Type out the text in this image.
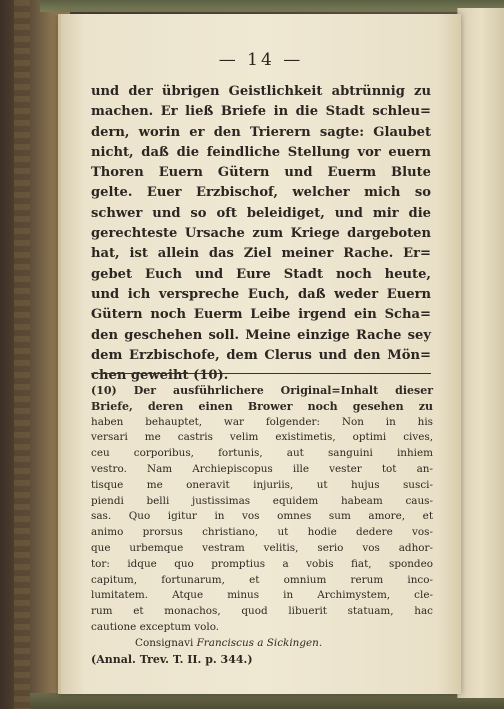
— 14 —
und der übrigen Geistlichkeit abtrünnig zu
machen. Er ließ Briefe in die Stadt schleu=
dern, worin er den Trierern sagte: Glaubet
nicht, daß die feindliche Stellung vor euern
Thoren Euern Gütern und Euerm Blute
gelte. Euer Erzbischof, welcher mich so
schwer und so oft beleidiget, und mir die
gerechteste Ursache zum Kriege dargeboten
hat, ist allein das Ziel meiner Rache. Er=
gebet Euch und Eure Stadt noch heute,
und ich verspreche Euch, daß weder Euern
Gütern noch Euerm Leibe irgend ein Scha=
den geschehen soll. Meine einzige Rache sey
dem Erzbischofe, dem Clerus und den Mön=
chen geweiht (10).
(10) Der ausführlichere Original=Inhalt dieser
Briefe, deren einen Brower noch gesehen zu
haben behauptet, war folgender: Non in his
versari me castris velim existimetis, optimi cives,
ceu corporibus, fortunis, aut sanguini inhiem
vestro. Nam Archiepiscopus ille vester tot an-
tisque me oneravit injuriis, ut hujus susci-
piendi belli justissimas equidem habeam caus-
sas. Quo igitur in vos omnes sum amore, et
animo prorsus christiano, ut hodie dedere vos-
que urbemque vestram velitis, serio vos adhor-
tor: idque quo promptius a vobis fiat, spondeo
capitum, fortunarum, et omnium rerum inco-
lumitatem. Atque minus in Archimystem, cle-
rum et monachos, quod libuerit statuam, hac
cautione exceptum volo.
Consignavi Franciscus a Sickingen.
(Annal. Trev. T. II. p. 344.)
